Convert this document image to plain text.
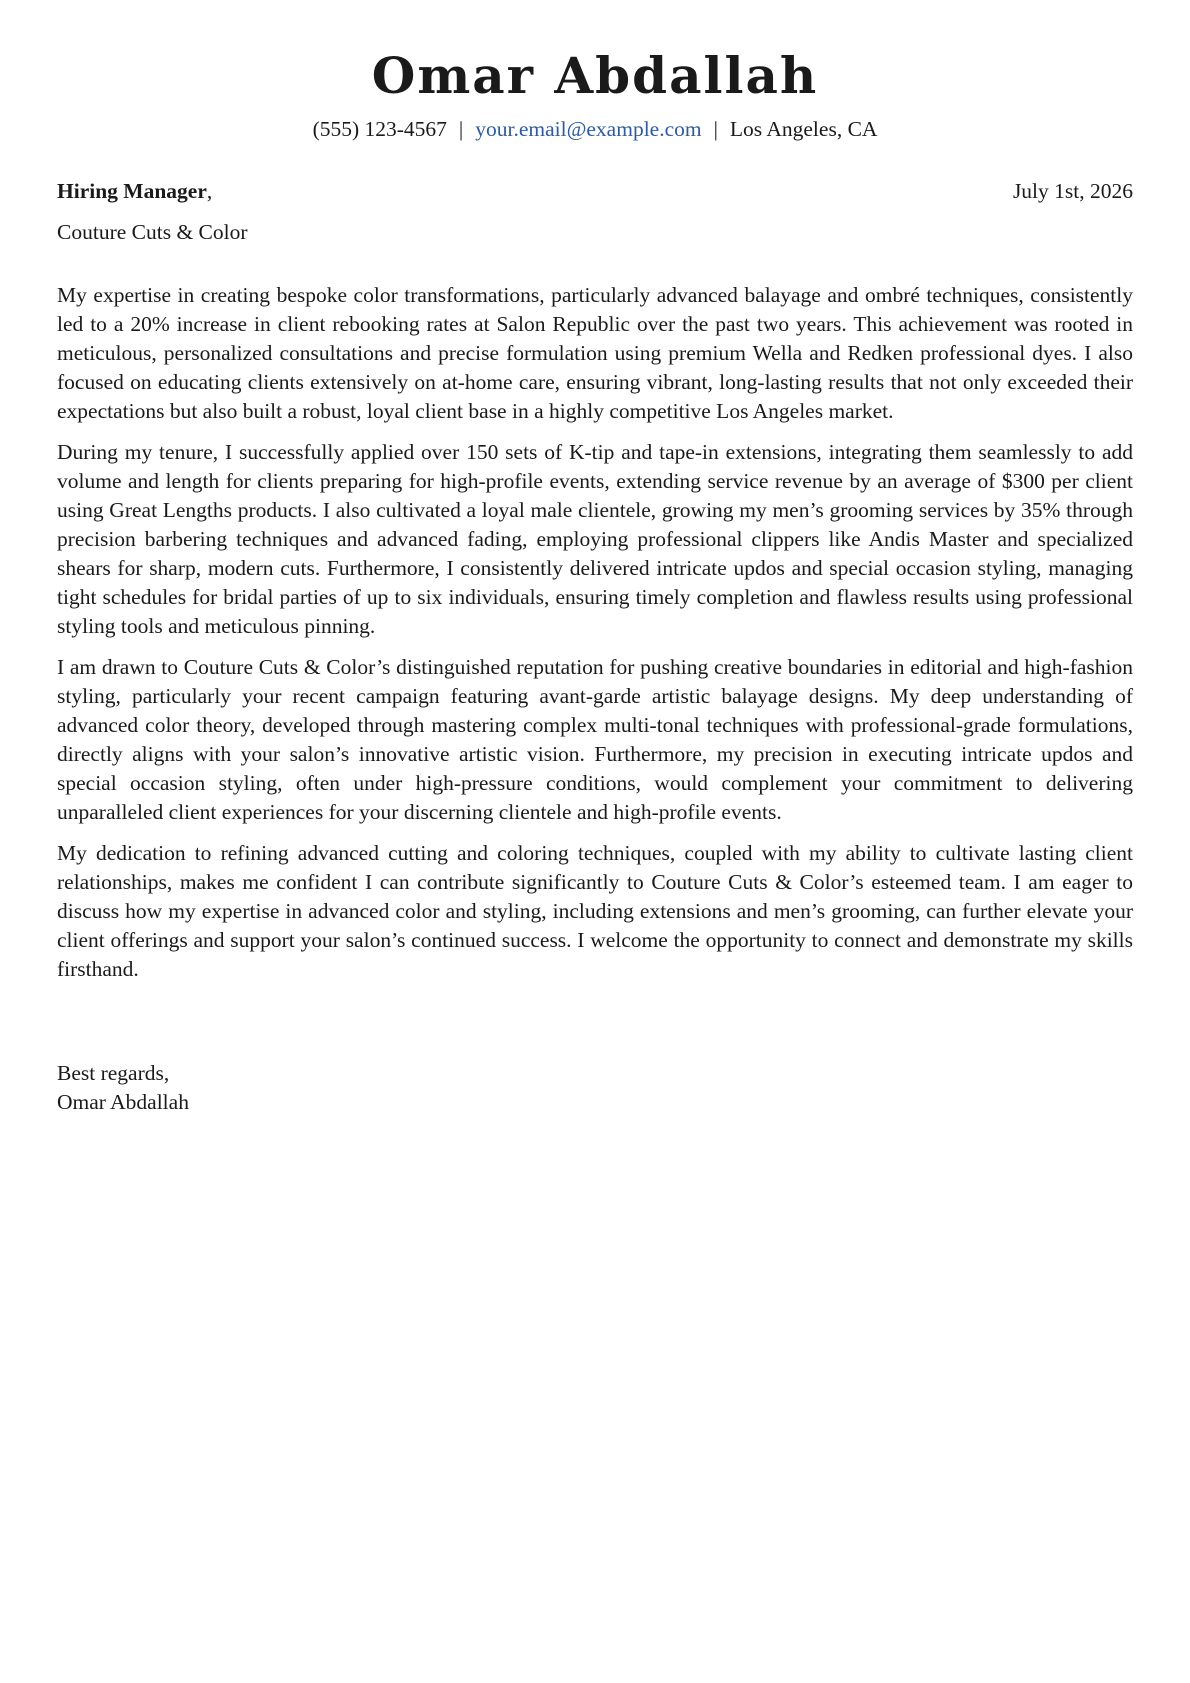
Omar Abdallah
(555) 123-4567 | your.email@example.com | Los Angeles, CA
Hiring Manager,	July 1st, 2026
Couture Cuts & Color

My expertise in creating bespoke color transformations, particularly advanced balayage and ombré techniques, consistently led to a 20% increase in client rebooking rates at Salon Republic over the past two years. This achievement was rooted in meticulous, personalized consultations and precise formulation using premium Wella and Redken professional dyes. I also focused on educating clients extensively on at-home care, ensuring vibrant, long-lasting results that not only exceeded their expectations but also built a robust, loyal client base in a highly competitive Los Angeles market.

During my tenure, I successfully applied over 150 sets of K-tip and tape-in extensions, integrating them seamlessly to add volume and length for clients preparing for high-profile events, extending service revenue by an average of $300 per client using Great Lengths products. I also cultivated a loyal male clientele, growing my men’s grooming services by 35% through precision barbering techniques and advanced fading, employing professional clippers like Andis Master and specialized shears for sharp, modern cuts. Furthermore, I consistently delivered intricate updos and special occasion styling, managing tight schedules for bridal parties of up to six individuals, ensuring timely completion and flawless results using professional styling tools and meticulous pinning.

I am drawn to Couture Cuts & Color’s distinguished reputation for pushing creative boundaries in editorial and high-fashion styling, particularly your recent campaign featuring avant-garde artistic balayage designs. My deep understanding of advanced color theory, developed through mastering complex multi-tonal techniques with professional-grade formulations, directly aligns with your salon’s innovative artistic vision. Furthermore, my precision in executing intricate updos and special occasion styling, often under high-pressure conditions, would complement your commitment to delivering unparalleled client experiences for your discerning clientele and high-profile events.

My dedication to refining advanced cutting and coloring techniques, coupled with my ability to cultivate lasting client relationships, makes me confident I can contribute significantly to Couture Cuts & Color’s esteemed team. I am eager to discuss how my expertise in advanced color and styling, including extensions and men’s grooming, can further elevate your client offerings and support your salon’s continued success. I welcome the opportunity to connect and demonstrate my skills firsthand.

Best regards,
Omar Abdallah
